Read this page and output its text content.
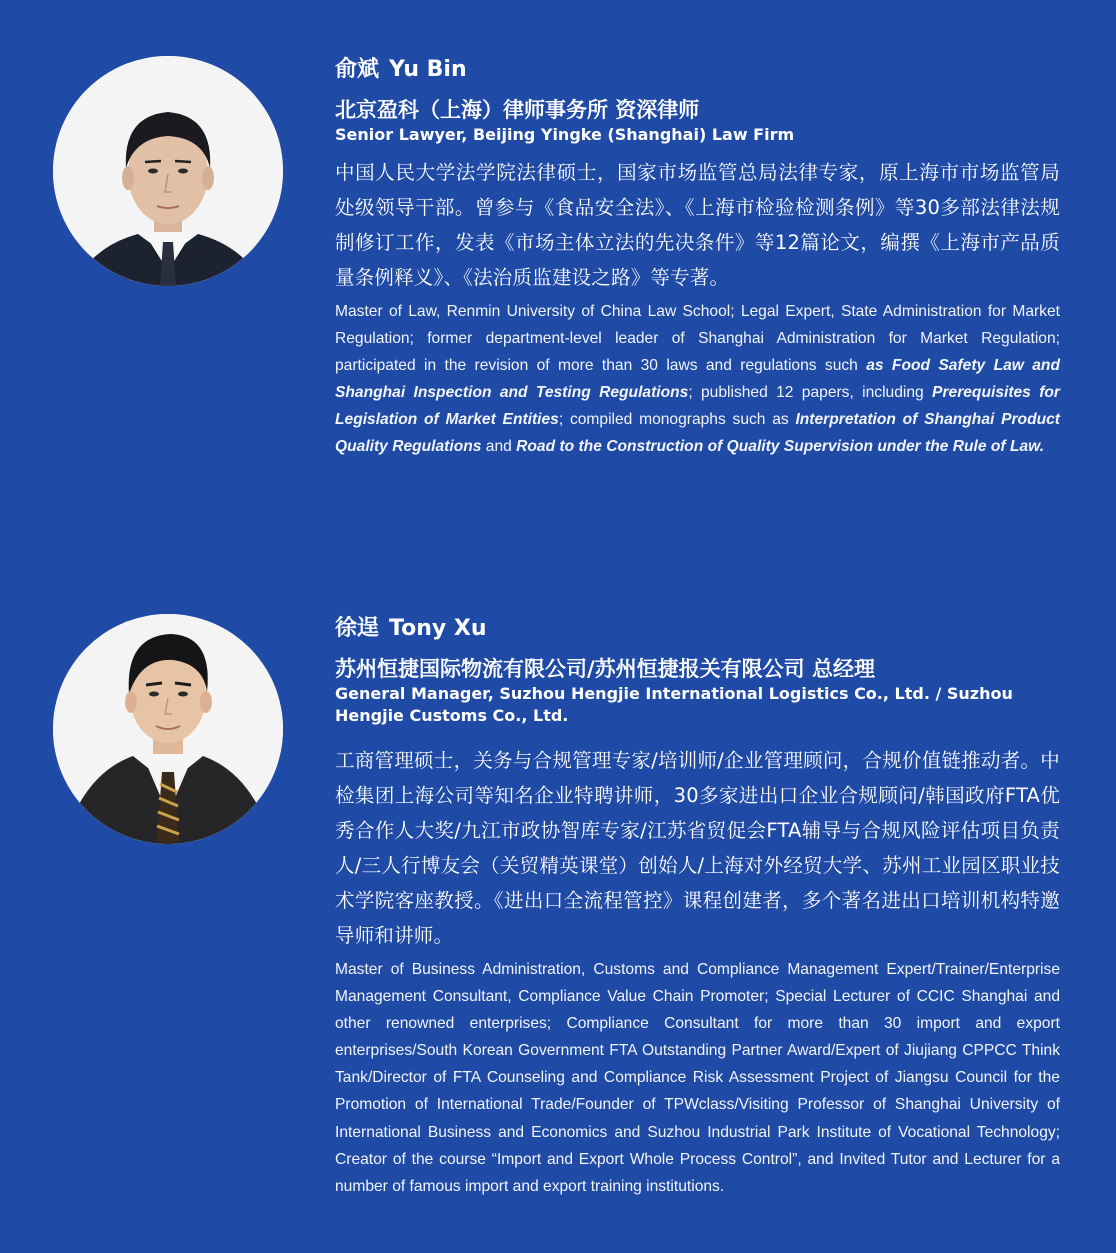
俞斌 Yu Bin
北京盈科（上海）律师事务所 资深律师
Senior Lawyer, Beijing Yingke (Shanghai) Law Firm

中国人民大学法学院法律硕士，国家市场监管总局法律专家，原上海市市场监管局处级领导干部。曾参与《食品安全法》、《上海市检验检测条例》等30多部法律法规制修订工作，发表《市场主体立法的先决条件》等12篇论文，编撰《上海市产品质量条例释义》、《法治质监建设之路》等专著。

Master of Law, Renmin University of China Law School; Legal Expert, State Administration for Market Regulation; former department-level leader of Shanghai Administration for Market Regulation; participated in the revision of more than 30 laws and regulations such as Food Safety Law and Shanghai Inspection and Testing Regulations; published 12 papers, including Prerequisites for Legislation of Market Entities; compiled monographs such as Interpretation of Shanghai Product Quality Regulations and Road to the Construction of Quality Supervision under the Rule of Law.

徐逞 Tony Xu
苏州恒捷国际物流有限公司/苏州恒捷报关有限公司 总经理
General Manager, Suzhou Hengjie International Logistics Co., Ltd. / Suzhou Hengjie Customs Co., Ltd.

工商管理硕士，关务与合规管理专家/培训师/企业管理顾问，合规价值链推动者。中检集团上海公司等知名企业特聘讲师，30多家进出口企业合规顾问/韩国政府FTA优秀合作人大奖/九江市政协智库专家/江苏省贸促会FTA辅导与合规风险评估项目负责人/三人行博友会（关贸精英课堂）创始人/上海对外经贸大学、苏州工业园区职业技术学院客座教授。《进出口全流程管控》课程创建者，多个著名进出口培训机构特邀导师和讲师。

Master of Business Administration, Customs and Compliance Management Expert/Trainer/Enterprise Management Consultant, Compliance Value Chain Promoter; Special Lecturer of CCIC Shanghai and other renowned enterprises; Compliance Consultant for more than 30 import and export enterprises/South Korean Government FTA Outstanding Partner Award/Expert of Jiujiang CPPCC Think Tank/Director of FTA Counseling and Compliance Risk Assessment Project of Jiangsu Council for the Promotion of International Trade/Founder of TPWclass/Visiting Professor of Shanghai University of International Business and Economics and Suzhou Industrial Park Institute of Vocational Technology; Creator of the course “Import and Export Whole Process Control”, and Invited Tutor and Lecturer for a number of famous import and export training institutions.
